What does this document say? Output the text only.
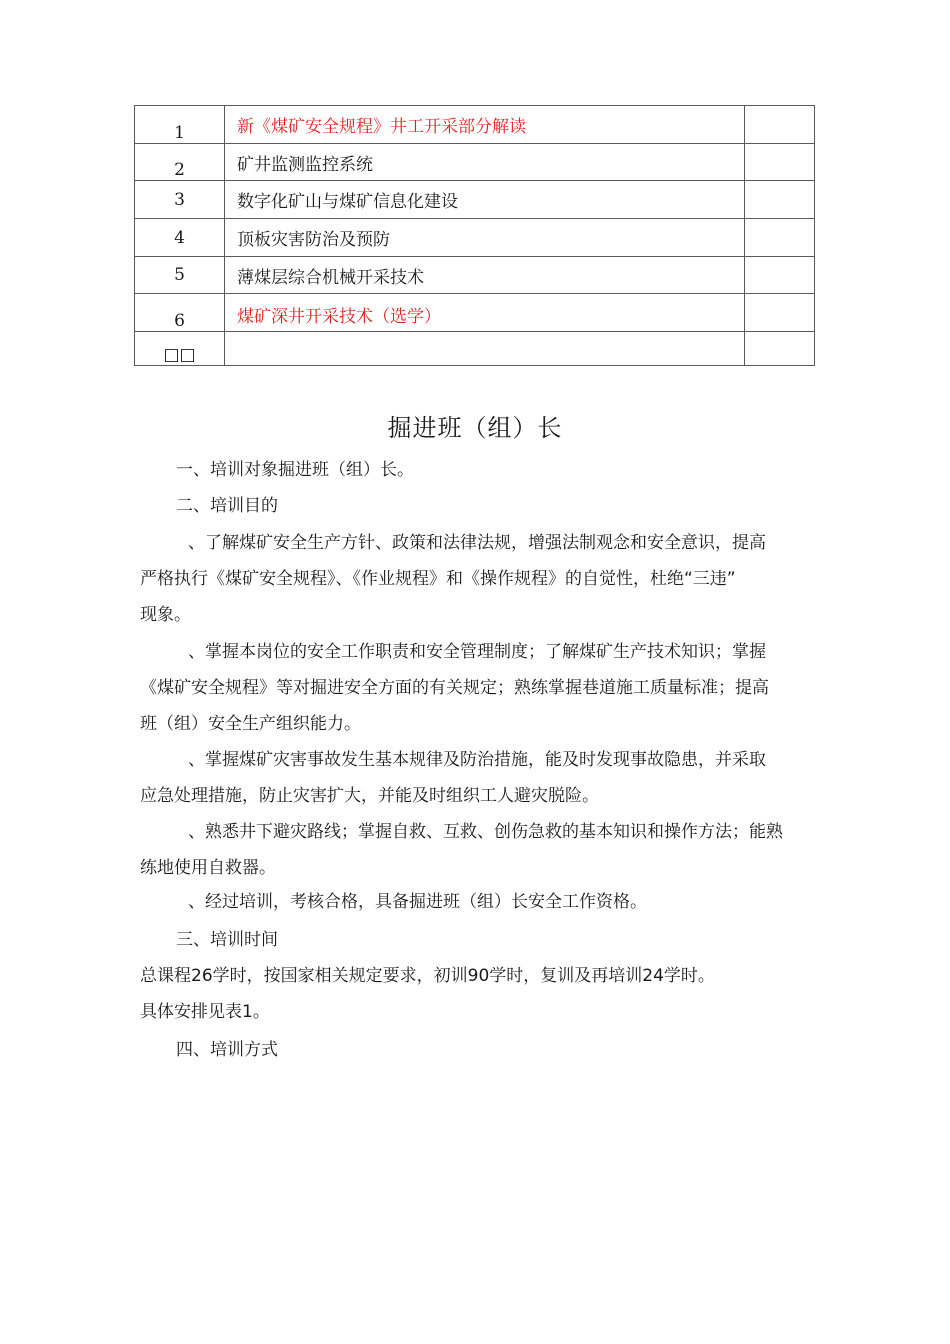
1	新《煤矿安全规程》井工开采部分解读	
2	矿井监测监控系统	
3	数字化矿山与煤矿信息化建设	
4	顶板灾害防治及预防	
5	薄煤层综合机械开采技术	
6	煤矿深井开采技术（选学）	
□□		
掘进班（组）长

一、培训对象掘进班（组）长。

二、培训目的

、了解煤矿安全生产方针、政策和法律法规，增强法制观念和安全意识，提高
严格执行《煤矿安全规程》、《作业规程》和《操作规程》的自觉性，杜绝“三违”
现象。

、掌握本岗位的安全工作职责和安全管理制度；了解煤矿生产技术知识；掌握
《煤矿安全规程》等对掘进安全方面的有关规定；熟练掌握巷道施工质量标准；提高
班（组）安全生产组织能力。

、掌握煤矿灾害事故发生基本规律及防治措施，能及时发现事故隐患，并采取
应急处理措施，防止灾害扩大，并能及时组织工人避灾脱险。

、熟悉井下避灾路线；掌握自救、互救、创伤急救的基本知识和操作方法；能熟
练地使用自救器。

、经过培训，考核合格，具备掘进班（组）长安全工作资格。

三、培训时间

总课程26学时，按国家相关规定要求，初训90学时，复训及再培训24学时。
具体安排见表1。

四、培训方式
